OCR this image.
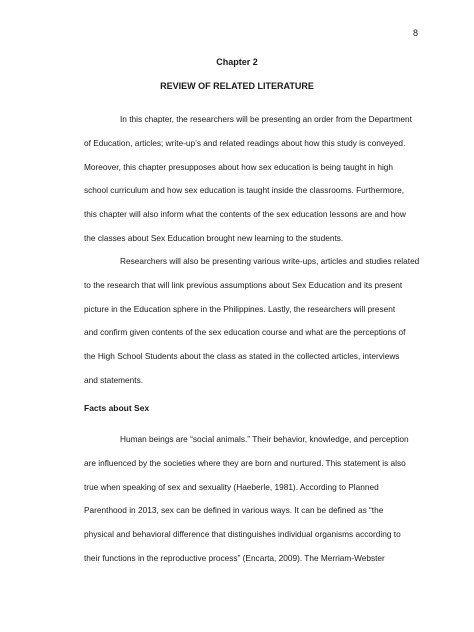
8
Chapter 2
REVIEW OF RELATED LITERATURE
In this chapter, the researchers will be presenting an order from the Department
of Education, articles; write-up’s and related readings about how this study is conveyed.
Moreover, this chapter presupposes about how sex education is being taught in high
school curriculum and how sex education is taught inside the classrooms. Furthermore,
this chapter will also inform what the contents of the sex education lessons are and how
the classes about Sex Education brought new learning to the students.
Researchers will also be presenting various write-ups, articles and studies related
to the research that will link previous assumptions about Sex Education and its present
picture in the Education sphere in the Philippines. Lastly, the researchers will present
and confirm given contents of the sex education course and what are the perceptions of
the High School Students about the class as stated in the collected articles, interviews
and statements.
Facts about Sex
Human beings are “social animals.” Their behavior, knowledge, and perception
are influenced by the societies where they are born and nurtured. This statement is also
true when speaking of sex and sexuality (Haeberle, 1981). According to Planned
Parenthood in 2013, sex can be defined in various ways. It can be defined as “the
physical and behavioral difference that distinguishes individual organisms according to
their functions in the reproductive process” (Encarta, 2009). The Merriam-Webster
